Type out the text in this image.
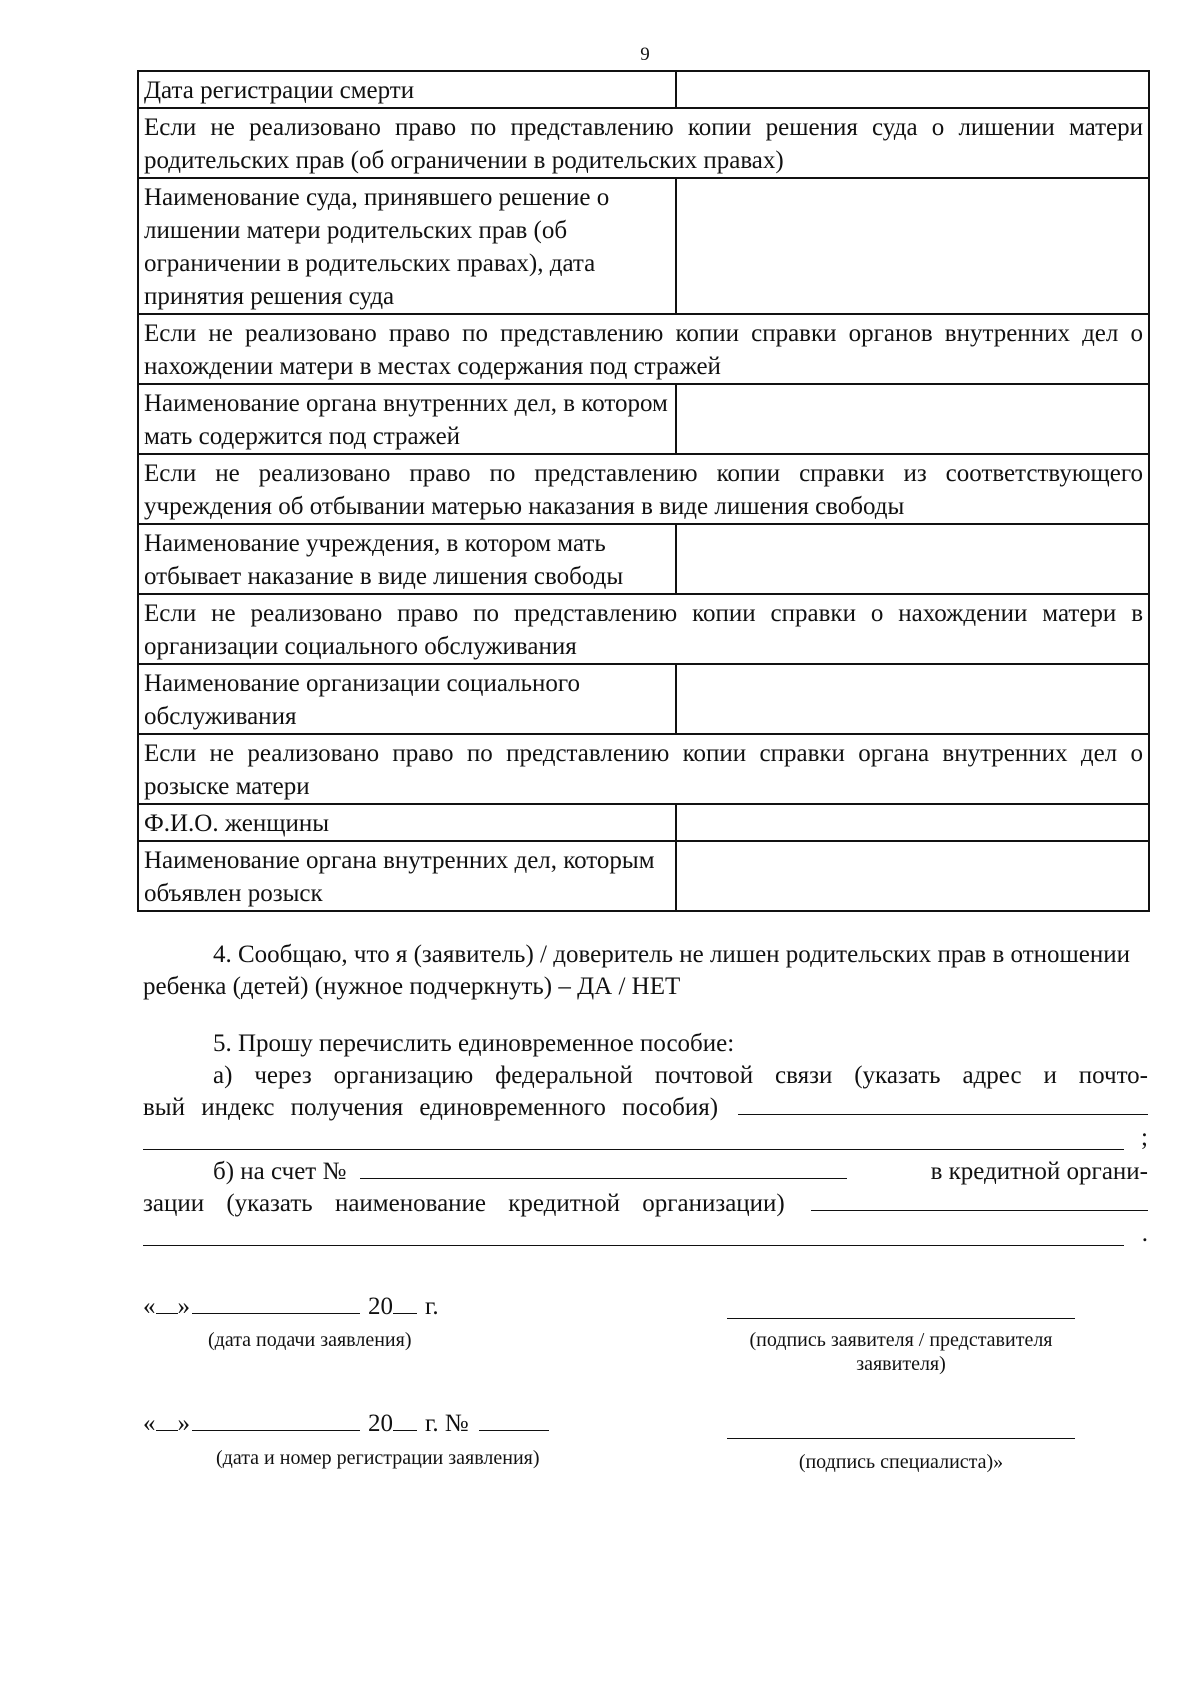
9
Дата регистрации смерти	
Если не реализовано право по представлению копии решения суда о лишении матери родительских прав (об ограничении в родительских правах)	
Наименование суда, принявшего решение о лишении матери родительских прав (об ограничении в родительских правах), дата принятия решения суда	
Если не реализовано право по представлению копии справки органов внутренних дел о нахождении матери в местах содержания под стражей	
Наименование органа внутренних дел, в котором мать содержится под стражей	
Если не реализовано право по представлению копии справки из соответствующего учреждения об отбывании матерью наказания в виде лишения свободы	
Наименование учреждения, в котором мать отбывает наказание в виде лишения свободы	
Если не реализовано право по представлению копии справки о нахождении матери в организации социального обслуживания	
Наименование организации социального обслуживания	
Если не реализовано право по представлению копии справки органа внутренних дел о розыске матери	
Ф.И.О. женщины	
Наименование органа внутренних дел, которым объявлен розыск	

4. Сообщаю, что я (заявитель) / доверитель не лишен родительских прав в отношении ребенка (детей) (нужное подчеркнуть) – ДА / НЕТ

5. Прошу перечислить единовременное пособие:

а) через организацию федеральной почтовой связи (указать адрес и почто-

вый индекс получения единовременного пособия)

;

б) на счет №	в кредитной органи-

зации (указать наименование кредитной организации)

.
« »	20 г.
(дата подачи заявления)	(подпись заявителя / представителя заявителя)
« »	20 г. №
(дата и номер регистрации заявления)	(подпись специалиста)»
